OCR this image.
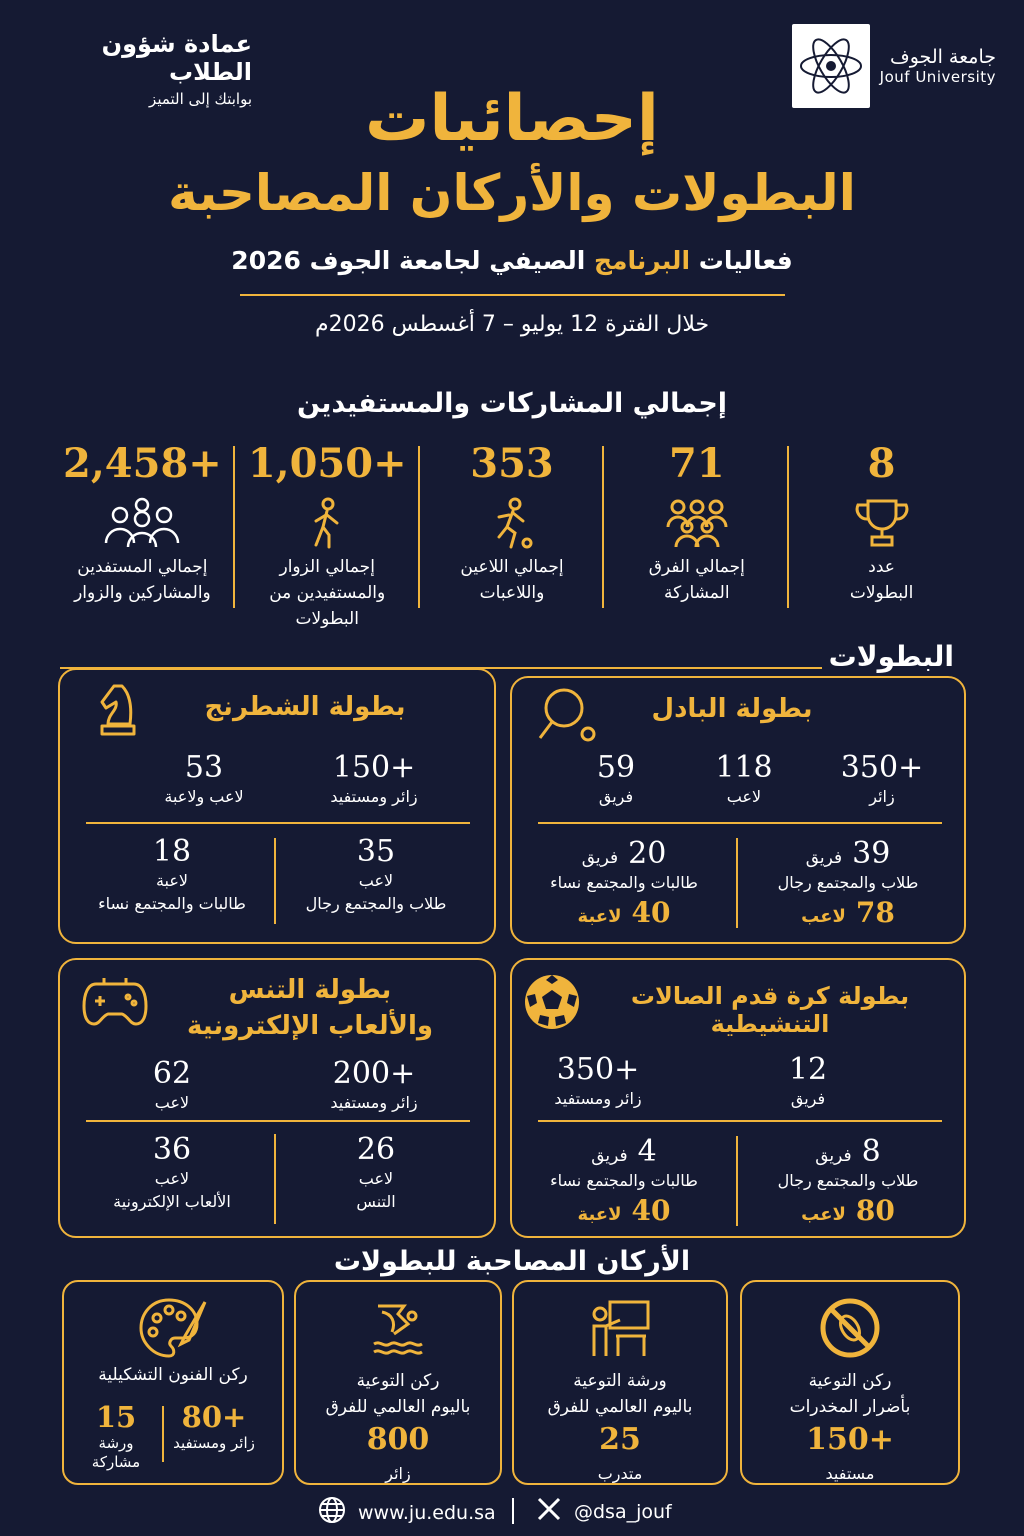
جامعة الجوف
Jouf University
عمادة شؤون الطلاب
بوابتك إلى التميز	إحصائيات
البطولات والأركان المصاحبة
فعاليات البرنامج الصيفي لجامعة الجوف 2026
خلال الفترة 12 يوليو – 7 أغسطس 2026م
إجمالي المشاركات والمستفيدين
8
عدد
البطولات
71
إجمالي الفرق
المشاركة
353
إجمالي اللاعين
واللاعبات
+1,050
إجمالي الزوار
والمستفيدين من البطولات
+2,458
إجمالي المستفدين
والمشاركين والزوار
البطولات
بطولة البادل
+350
زائر
118
لاعب
59
فريق
39
فريق
طلاب والمجتمع رجال
78
لاعب
20
فريق
طالبات والمجتمع نساء
40
لاعبة
بطولة الشطرنج
+150
زائر ومستفيد
53
لاعب ولاعبة
35
لاعب
طلاب والمجتمع رجال
18
لاعبة
طالبات والمجتمع نساء
بطولة كرة قدم الصالات التنشيطية
12
فريق
+350
زائر ومستفيد
8
فريق
طلاب والمجتمع رجال
80
لاعب
4
فريق
طالبات والمجتمع نساء
40
لاعبة
بطولة التنس
والألعاب الإلكترونية
+200
زائر ومستفيد
62
لاعب
26
لاعب
التنس
36
لاعب
الألعاب الإلكترونية
الأركان المصاحبة للبطولات
ركن التوعية
بأضرار المخدرات
+150
مستفيد
ورشة التوعية
باليوم العالمي للفرق
25
متدرب
ركن التوعية
باليوم العالمي للفرق
800
زائر
ركن الفنون التشكيلية
+80
زائر ومستفيد
15
ورشة
مشاركة
www.ju.edu.sa	@dsa_jouf
